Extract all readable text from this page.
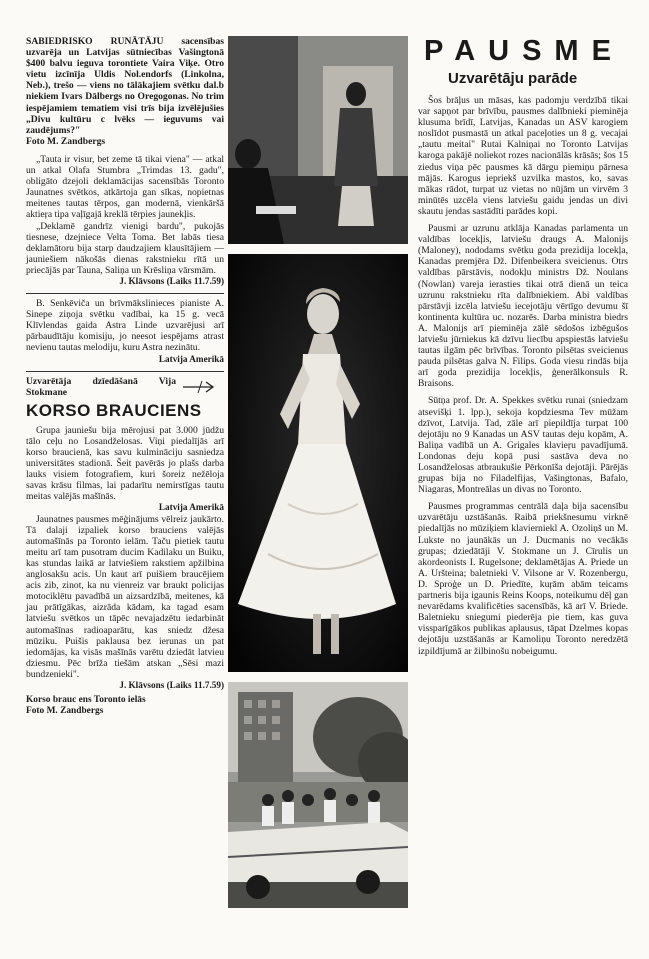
SABIEDRISKO RUNĀTĀJU sacensības uzvarēja un Latvijas sūtniecības Vašingtonā $400 balvu ieguva torontiete Vaira Viķe. Otro vietu izcīnīja Uldis Nol.endorfs (Linkolna, Neb.), trešo — viens no tālākajiem svētku dal.b niekiem Ivars Dālbergs no Oregogonas. No trim iespējamiem tematiem visi trīs bija izvēlējušies „Divu kultūru c lvēks — ieguvums vai zaudējums?"

Foto M. Zandbergs

„Tauta ir visur, bet zeme tā tikai viena" — atkal un atkal Olafa Stumbra „Trimdas 13. gadu", obligāto dzejoli deklamācijas sacensībās Toronto Jaunatnes svētkos, atkārtoja gan sīkas, nopietnas meitenes tautas tērpos, gan modernā, vienkāršā aktieŗa tipa vaļīgajā kreklā tērpies jaunekļis.

„Deklamē gandrīz vienigi bardu", pukojās tiesnese, dzejniece Velta Toma. Bet labās tiesa deklamātoru bija starp daudzajiem klausītājiem — jauniešiem nākošās dienas rakstnieku rītā un priecājās par Tauna, Saliņa un Krēsliņa vārsmām.

J. Klāvsons (Laiks 11.7.59)

B. Senkēviča un brīvmākslinieces pianiste A. Sinepe ziņoja svētku vadībai, ka 15 g. vecā Klīvlendas gaida Astra Linde uzvarējusi arī pārbaudītāju komisiju, jo neesot iespējams atrast nevienu tautas melodiju, kuru Astra nezinātu.

Latvija Amerikā

Uzvarētāja dzīedāšanā Vija Stokmane

KORSO BRAUCIENS

Grupa jauniešu bija mērojusi pat 3.000 jūdžu tālo ceļu no Losandželosas. Viņi piedalījās arī korso braucienā, kas savu kulmināciju sasniedza universitātes stadionā. Šeit pavērās jo plašs darba lauks visiem fotografiem, kuri šoreiz nežēloja savas krāsu filmas, lai padarītu nemirstīgas tautu meitas valējās mašīnās.

Latvija Amerikā

Jaunatnes pausmes mēģinājums vēlreiz jaukārto. Tā dalaji izpaliek korso brauciens valējās automašīnās pa Toronto ielām. Taču pietiek tautu meitu arī tam pusotram ducim Kadilaku un Buiku, kas stundas laikā ar latviešiem rakstiem apžilbina anglosakšu acis. Un kaut arī puišiem braucējiem acis zib, zinot, ka nu vienreiz var braukt policijas motociklētu pavadībā un aizsardzībā, meitenes, kā jau prātīgākas, aizrāda kādam, ka tagad esam latviešu svētkos un tāpēc nevajadzētu iedarbināt automašīnas radioaparātu, kas sniedz džesa mūziku. Puišis paklausa bez ierunas un pat iedomājas, ka visās mašīnās varētu dziedāt latvieu dziesmu. Pēc brīža tiešām atskan „Sēsi mazi bundzenieki".

J. Klāvsons (Laiks 11.7.59)

Korso brauc ens Toronto ielās
Foto M. Zandbergs

PAUSME
Uzvarētāju parāde

Šos brāļus un māsas, kas padomju verdzībā tikai var sapņot par brīvību, pausmes dalībnieki pieminēja klusuma brīdī, Latvijas, Kanadas un ASV karogiem noslīdot pusmastā un atkal paceļoties un 8 g. vecajai „tautu meitai" Rutai Kalniņai no Toronto Latvijas karoga pakājē noliekot rozes nacionālās krāsās; šos 15 ziedus viņa pēc pausmes kā dārgu piemiņu pārnesa mājās. Karogus iepriekš uzvilka mastos, ko, savas mākas rādot, turpat uz vietas no nūjām un virvēm 3 minūtēs uzcēla viens latviešu gaidu jendas un divi skautu jendas sastādīti parādes kopi.

Pausmi ar uzrunu atklāja Kanadas parlamenta un valdības locekļis, latviešu draugs A. Malonijs (Maloney), nododams svētku goda prezidija locekļa, Kanadas premjēra Dž. Difenbeikera sveicienus. Otrs valdības pārstāvis, nodokļu ministrs Dž. Noulans (Nowlan) vareja ierasties tikai otrā dienā un teica uzrunu rakstnieku rīta dalībniekiem. Abi valdības pārstāvji izcēla latviešu iecejotāju vērtīgo devumu šī kontinenta kultūra uc. nozarēs. Darba ministra biedrs A. Malonijs arī pieminēja zālē sēdošos izbēgušos latviešu jūrniekus kā dzīvu liecību apspiestās latviešu tautas ilgām pēc brīvības. Toronto pilsētas sveicienus pauda pilsētas galva N. Filips. Goda viesu rindās bija arī goda prezidija locekļis, ģenerālkonsuls R. Braisons.

Sūtņa prof. Dr. A. Spekkes svētku runai (sniedzam atsevišķi 1. lpp.), sekoja kopdziesma Tev mūžam dzīvot, Latvija. Tad, zāle arī piepildīja turpat 100 dejotāju no 9 Kanadas un ASV tautas deju kopām, A. Baliņa vadībā un A. Grigales klavieŗu pavadījumā. Londonas deju kopā pusi sastāva deva no Losandželosas atbraukušie Pērkonīša dejotāji. Pārējās grupas bija no Filadelfijas, Vašingtonas, Bafalo, Niagaras, Montreālas un divas no Toronto.

Pausmes programmas centrālā daļa bija sacensību uzvarētāju uzstāšanās. Raibā priekšnesumu virknē piedalījās no mūziķiem klavierniekl A. Ozoliņš un M. Lukste no jaunākās un J. Ducmanis no vecākās grupas; dziedātāji V. Stokmane un J. Cīrulis un akordeonists I. Rugelsone; deklamētājas A. Priede un A. Uršteina; baletnieki V. Vilsone ar V. Rozenbergu, D. Sproģe un D. Priedīte, kuŗām abām teicams partneris bija igaunis Reins Koops, noteikumu dēļ gan nevarēdams kvalificēties sacensībās, kā arī V. Briede. Baletnieku sniegumi piederēja pie tiem, kas guva vissparīgākos publikas aplausus, tāpat Dzelmes kopas dejotāju uzstāšanās ar Kamoliņu Toronto neredzētā izpildījumā ar žilbinošu nobeigumu.
